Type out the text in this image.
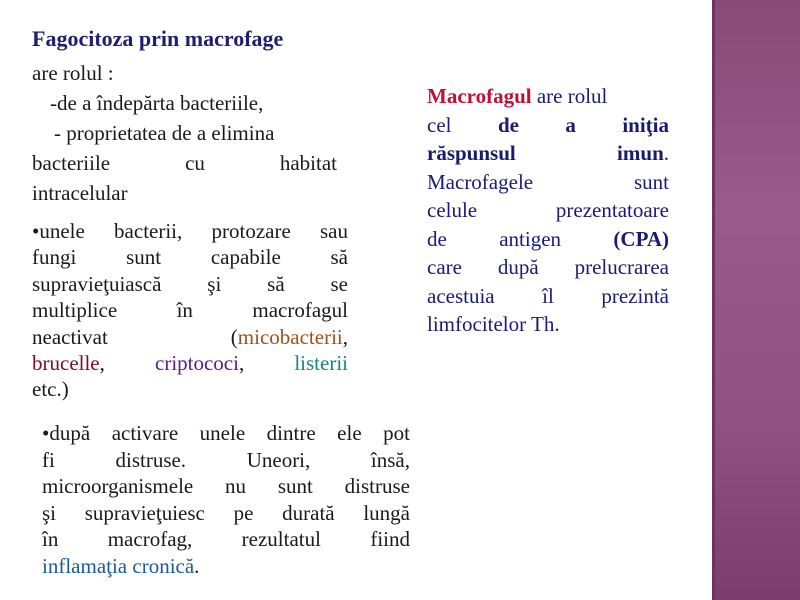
Fagocitoza prin macrofage
are rolul :
-de a îndepărta bacteriile,
- proprietatea de a elimina
bacteriile	cu	habitat
intracelular
•unele bacterii, protozare sau
fungi sunt capabile să
supravieţuiască şi să se
multiplice în macrofagul
neactivat	(micobacterii,
brucelle, criptococi, listerii
etc.)
•după activare unele dintre ele pot
fi distruse. Uneori, însă,
microorganismele nu sunt distruse
şi supravieţuiesc pe durată lungă
în macrofag, rezultatul fiind
inflamaţia cronică.
Macrofagul are rolul
cel de a iniţia
răspunsul imun.
Macrofagele sunt
celule prezentatoare
de antigen (CPA)
care după prelucrarea
acestuia îl prezintă
limfocitelor Th.
